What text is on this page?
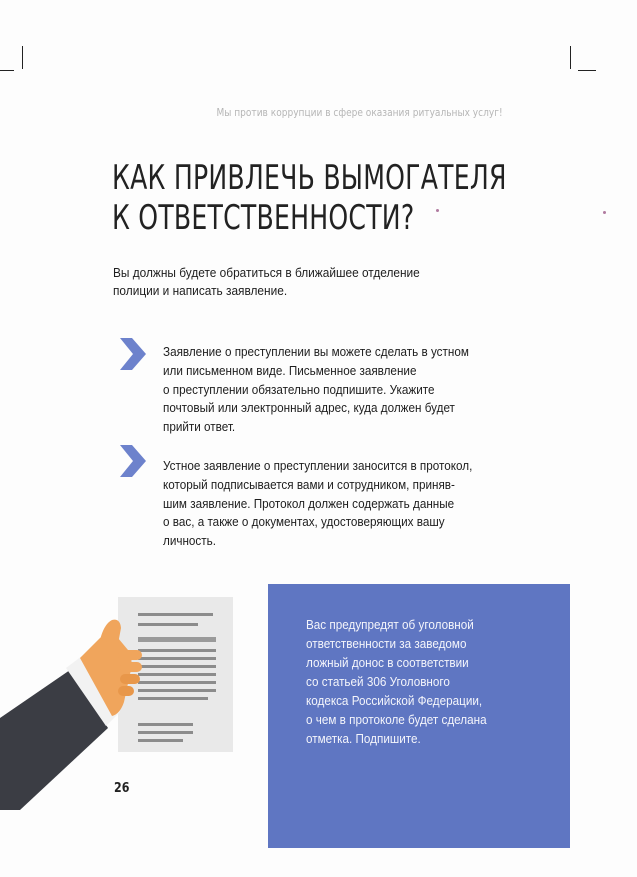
Мы против коррупции в сфере оказания ритуальных услуг!
КАК ПРИВЛЕЧЬ ВЫМОГАТЕЛЯ
К ОТВЕТСТВЕННОСТИ?

Вы должны будете обратиться в ближайшее отделение
полиции и написать заявление.

Заявление о преступлении вы можете сделать в устном
или письменном виде. Письменное заявление
о преступлении обязательно подпишите. Укажите
почтовый или электронный адрес, куда должен будет
прийти ответ.

Устное заявление о преступлении заносится в протокол,
который подписывается вами и сотрудником, приняв-
шим заявление. Протокол должен содержать данные
о вас, а также о документах, удостоверяющих вашу
личность.

Вас предупредят об уголовной
ответственности за заведомо
ложный донос в соответствии
со статьей 306 Уголовного
кодекса Российской Федерации,
о чем в протоколе будет сделана
отметка. Подпишите.

26
